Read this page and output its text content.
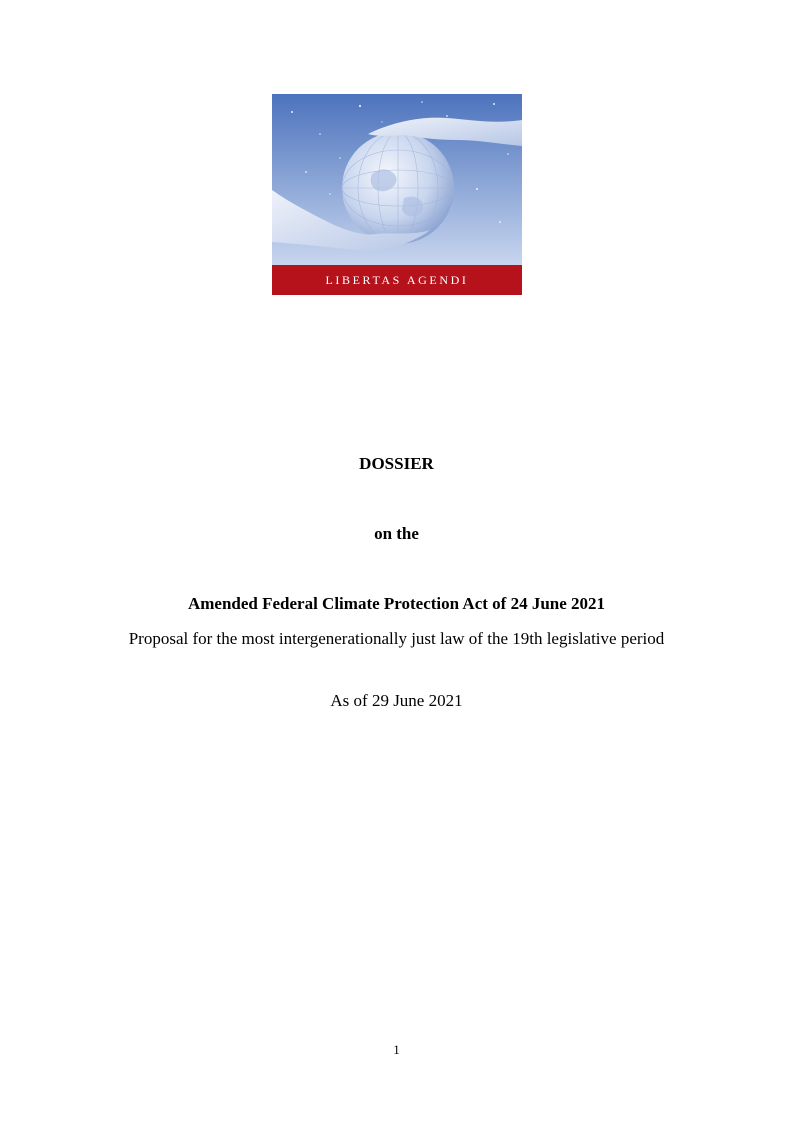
LIBERTAS AGENDI
DOSSIER
on the
Amended Federal Climate Protection Act of 24 June 2021
Proposal for the most intergenerationally just law of the 19th legislative period
As of 29 June 2021
1
